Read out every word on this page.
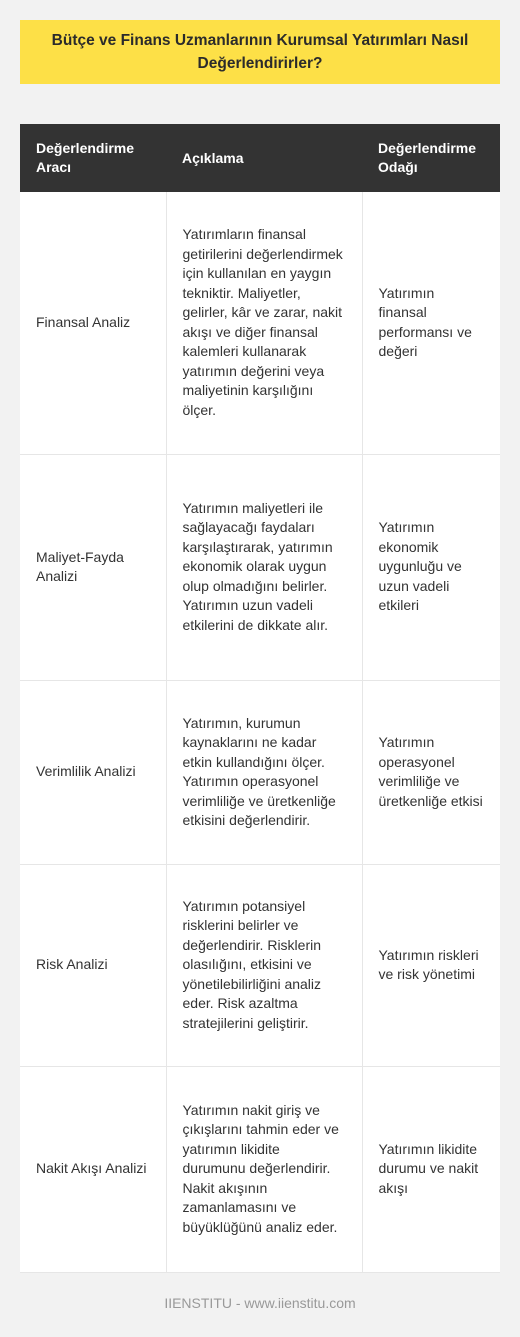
Bütçe ve Finans Uzmanlarının Kurumsal Yatırımları Nasıl Değerlendirirler?
Değerlendirme Aracı	Açıklama	Değerlendirme Odağı
Finansal Analiz	Yatırımların finansal getirilerini değerlendirmek için kullanılan en yaygın tekniktir. Maliyetler, gelirler, kâr ve zarar, nakit akışı ve diğer finansal kalemleri kullanarak yatırımın değerini veya maliyetinin karşılığını ölçer.	Yatırımın finansal performansı ve değeri
Maliyet-Fayda Analizi	Yatırımın maliyetleri ile sağlayacağı faydaları karşılaştırarak, yatırımın ekonomik olarak uygun olup olmadığını belirler. Yatırımın uzun vadeli etkilerini de dikkate alır.	Yatırımın ekonomik uygunluğu ve uzun vadeli etkileri
Verimlilik Analizi	Yatırımın, kurumun kaynaklarını ne kadar etkin kullandığını ölçer. Yatırımın operasyonel verimliliğe ve üretkenliğe etkisini değerlendirir.	Yatırımın operasyonel verimliliğe ve üretkenliğe etkisi
Risk Analizi	Yatırımın potansiyel risklerini belirler ve değerlendirir. Risklerin olasılığını, etkisini ve yönetilebilirliğini analiz eder. Risk azaltma stratejilerini geliştirir.	Yatırımın riskleri ve risk yönetimi
Nakit Akışı Analizi	Yatırımın nakit giriş ve çıkışlarını tahmin eder ve yatırımın likidite durumunu değerlendirir. Nakit akışının zamanlamasını ve büyüklüğünü analiz eder.	Yatırımın likidite durumu ve nakit akışı
IIENSTITU - www.iienstitu.com
